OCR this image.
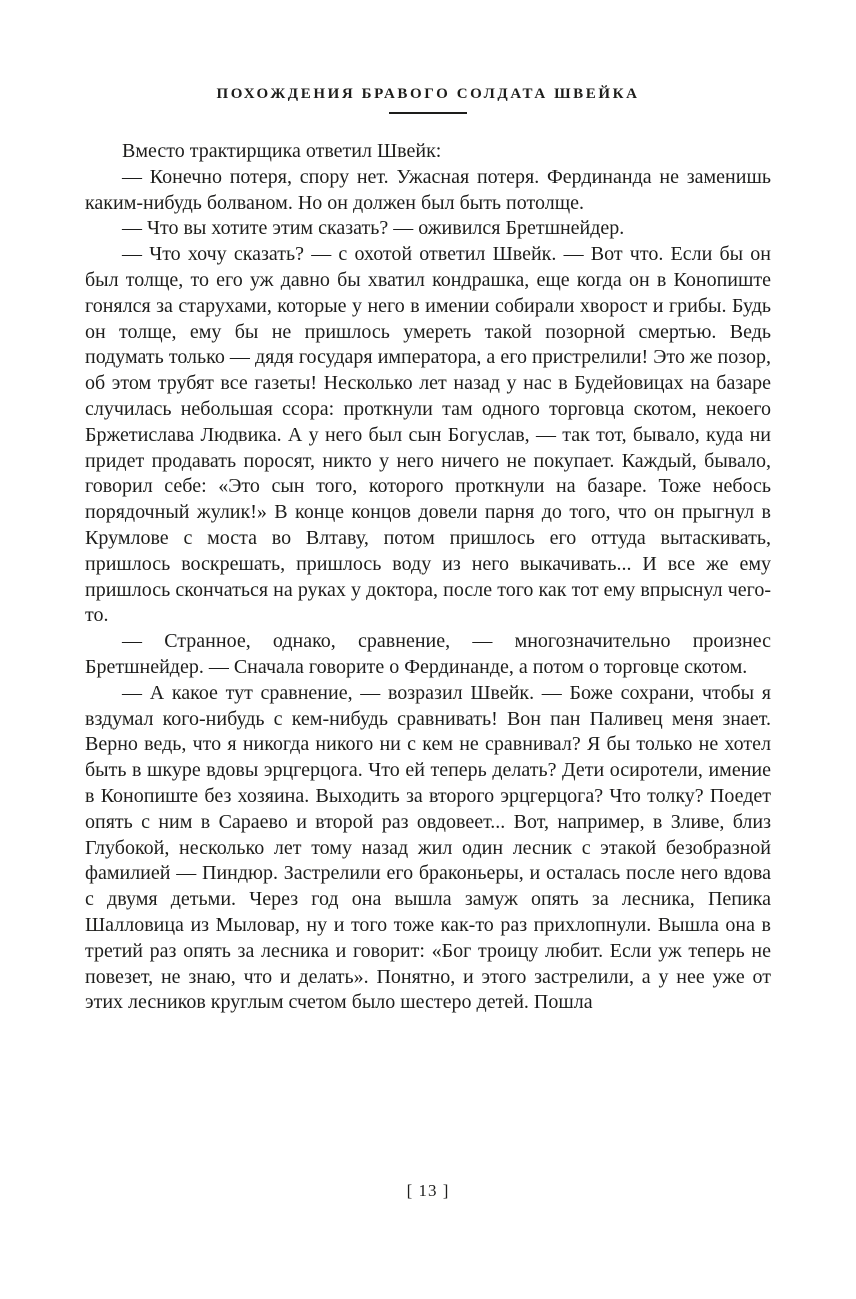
ПОХОЖДЕНИЯ БРАВОГО СОЛДАТА ШВЕЙКА

Вместо трактирщика ответил Швейк:

— Конечно потеря, спору нет. Ужасная потеря. Фердинанда не заменишь каким-нибудь болваном. Но он должен был быть потолще.

— Что вы хотите этим сказать? — оживился Бретшнейдер.

— Что хочу сказать? — с охотой ответил Швейк. — Вот что. Если бы он был толще, то его уж давно бы хватил кондрашка, еще когда он в Конопиште гонялся за старухами, которые у него в имении собирали хворост и грибы. Будь он толще, ему бы не пришлось умереть такой позорной смертью. Ведь подумать только — дядя государя императора, а его пристрелили! Это же позор, об этом трубят все газеты! Несколько лет назад у нас в Будейовицах на базаре случилась небольшая ссора: проткнули там одного торговца скотом, некоего Бржетислава Людвика. А у него был сын Богуслав, — так тот, бывало, куда ни придет продавать поросят, никто у него ничего не покупает. Каждый, бывало, говорил себе: «Это сын того, которого проткнули на базаре. Тоже небось порядочный жулик!» В конце концов довели парня до того, что он прыгнул в Крумлове с моста во Влтаву, потом пришлось его оттуда вытаскивать, пришлось воскрешать, пришлось воду из него выкачивать... И все же ему пришлось скончаться на руках у доктора, после того как тот ему впрыснул чего-то.

— Странное, однако, сравнение, — многозначительно произнес Бретшнейдер. — Сначала говорите о Фердинанде, а потом о торговце скотом.

— А какое тут сравнение, — возразил Швейк. — Боже сохрани, чтобы я вздумал кого-нибудь с кем-нибудь сравнивать! Вон пан Паливец меня знает. Верно ведь, что я никогда никого ни с кем не сравнивал? Я бы только не хотел быть в шкуре вдовы эрцгерцога. Что ей теперь делать? Дети осиротели, имение в Конопиште без хозяина. Выходить за второго эрцгерцога? Что толку? Поедет опять с ним в Сараево и второй раз овдовеет... Вот, например, в Зливе, близ Глубокой, несколько лет тому назад жил один лесник с этакой безобразной фамилией — Пиндюр. Застрелили его браконьеры, и осталась после него вдова с двумя детьми. Через год она вышла замуж опять за лесника, Пепика Шалловица из Мыловар, ну и того тоже как-то раз прихлопнули. Вышла она в третий раз опять за лесника и говорит: «Бог троицу любит. Если уж теперь не повезет, не знаю, что и делать». Понятно, и этого застрелили, а у нее уже от этих лесников круглым счетом было шестеро детей. Пошла

[ 13 ]
